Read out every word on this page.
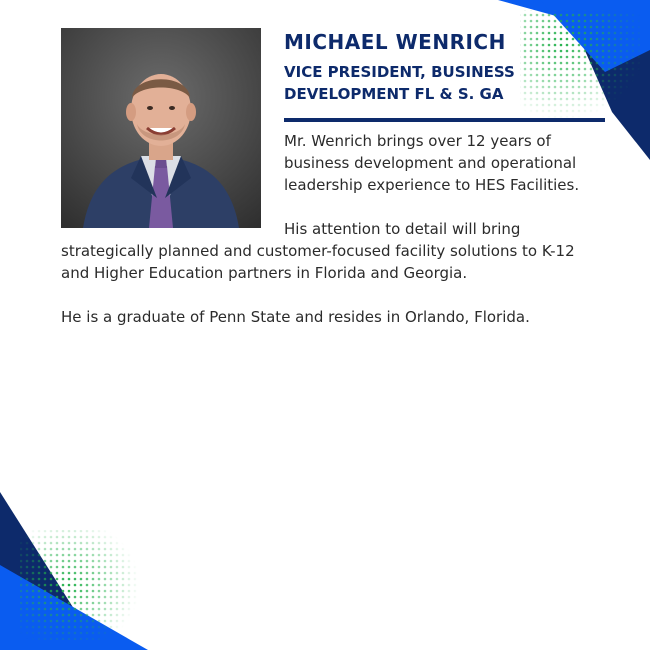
MICHAEL WENRICH
VICE PRESIDENT, BUSINESS
DEVELOPMENT FL & S. GA

Mr. Wenrich brings over 12 years of
business development and operational
leadership experience to HES Facilities.

His attention to detail will bring
strategically planned and customer-focused facility solutions to K-12
and Higher Education partners in Florida and Georgia.

He is a graduate of Penn State and resides in Orlando, Florida.
